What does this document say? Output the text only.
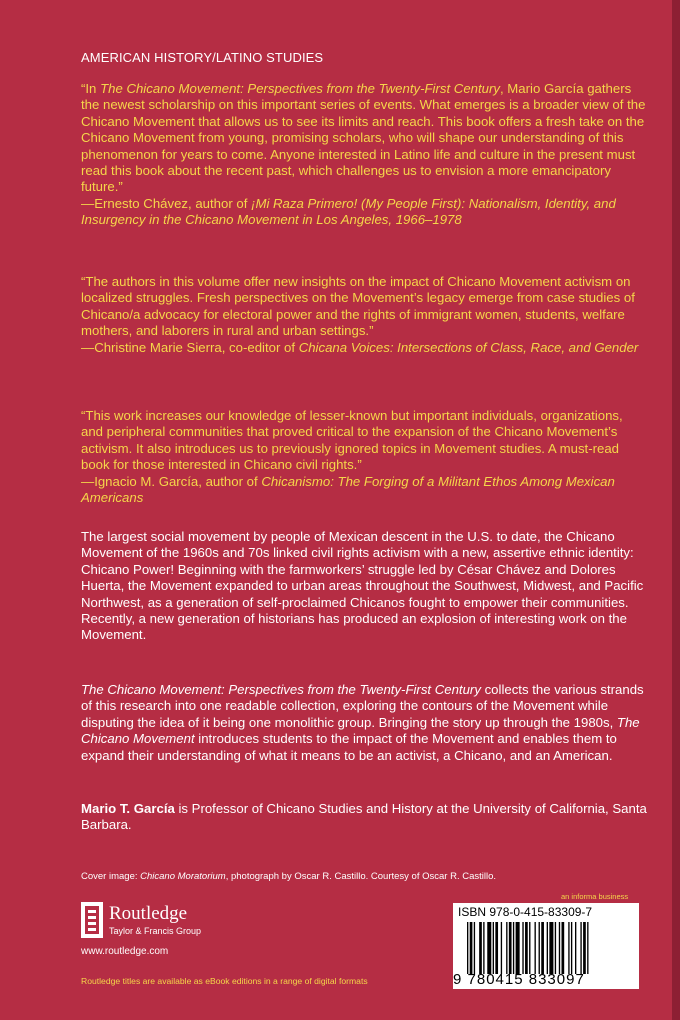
AMERICAN HISTORY/LATINO STUDIES

“In The Chicano Movement: Perspectives from the Twenty-First Century, Mario García gathers the newest scholarship on this important series of events. What emerges is a broader view of the Chicano Movement that allows us to see its limits and reach. This book offers a fresh take on the Chicano Movement from young, promising scholars, who will shape our understanding of this phenomenon for years to come. Anyone interested in Latino life and culture in the present must read this book about the recent past, which challenges us to envision a more emancipatory future.”

—Ernesto Chávez, author of ¡Mi Raza Primero! (My People First): Nationalism, Identity, and Insurgency in the Chicano Movement in Los Angeles, 1966–1978

“The authors in this volume offer new insights on the impact of Chicano Movement activism on localized struggles. Fresh perspectives on the Movement’s legacy emerge from case studies of Chicano/a advocacy for electoral power and the rights of immigrant women, students, welfare mothers, and laborers in rural and urban settings.”

—Christine Marie Sierra, co-editor of Chicana Voices: Intersections of Class, Race, and Gender

“This work increases our knowledge of lesser-known but important individuals, organizations, and peripheral communities that proved critical to the expansion of the Chicano Movement’s activism. It also introduces us to previously ignored topics in Movement studies. A must-read book for those interested in Chicano civil rights.”

—Ignacio M. García, author of Chicanismo: The Forging of a Militant Ethos Among Mexican Americans

The largest social movement by people of Mexican descent in the U.S. to date, the Chicano Movement of the 1960s and 70s linked civil rights activism with a new, assertive ethnic identity: Chicano Power! Beginning with the farmworkers’ struggle led by César Chávez and Dolores Huerta, the Movement expanded to urban areas throughout the Southwest, Midwest, and Pacific Northwest, as a generation of self-proclaimed Chicanos fought to empower their communities. Recently, a new generation of historians has produced an explosion of interesting work on the Movement.

The Chicano Movement: Perspectives from the Twenty-First Century collects the various strands of this research into one readable collection, exploring the contours of the Movement while disputing the idea of it being one monolithic group. Bringing the story up through the 1980s, The Chicano Movement introduces students to the impact of the Movement and enables them to expand their understanding of what it means to be an activist, a Chicano, and an American.

Mario T. García is Professor of Chicano Studies and History at the University of California, Santa Barbara.

Cover image: Chicano Moratorium, photograph by Oscar R. Castillo. Courtesy of Oscar R. Castillo.
Routledge
Taylor & Francis Group
www.routledge.com
an informa business
ISBN 978-0-415-83309-7
9 780415 833097
Routledge titles are available as eBook editions in a range of digital formats
